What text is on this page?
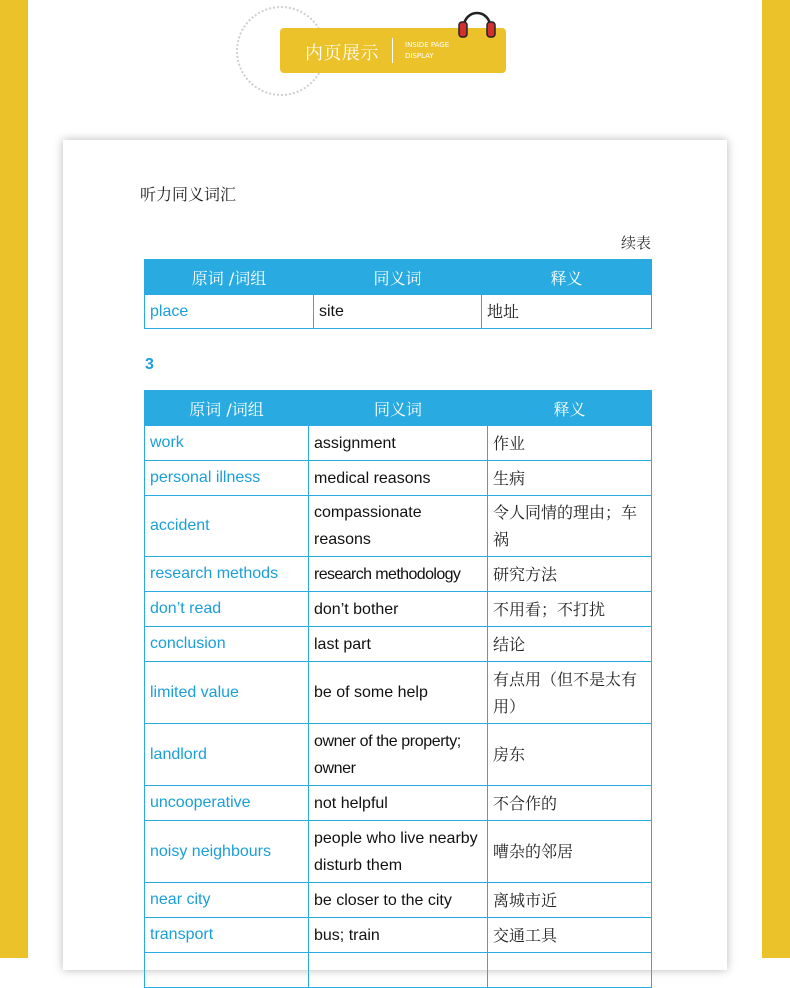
内页展示	INSIDE PAGE
DISPLAY
听力同义词汇
续表
原词 /词组	同义词	释义
place	site	地址
3
原词 /词组	同义词	释义
work	assignment	作业
personal illness	medical reasons	生病
accident	compassionate reasons	令人同情的理由；车祸
research methods	research methodology	研究方法
don’t read	don’t bother	不用看；不打扰
conclusion	last part	结论
limited value	be of some help	有点用（但不是太有用）
landlord	owner of the property; owner	房东
uncooperative	not helpful	不合作的
noisy neighbours	people who live nearby disturb them	嘈杂的邻居
near city	be closer to the city	离城市近
transport	bus; train	交通工具
